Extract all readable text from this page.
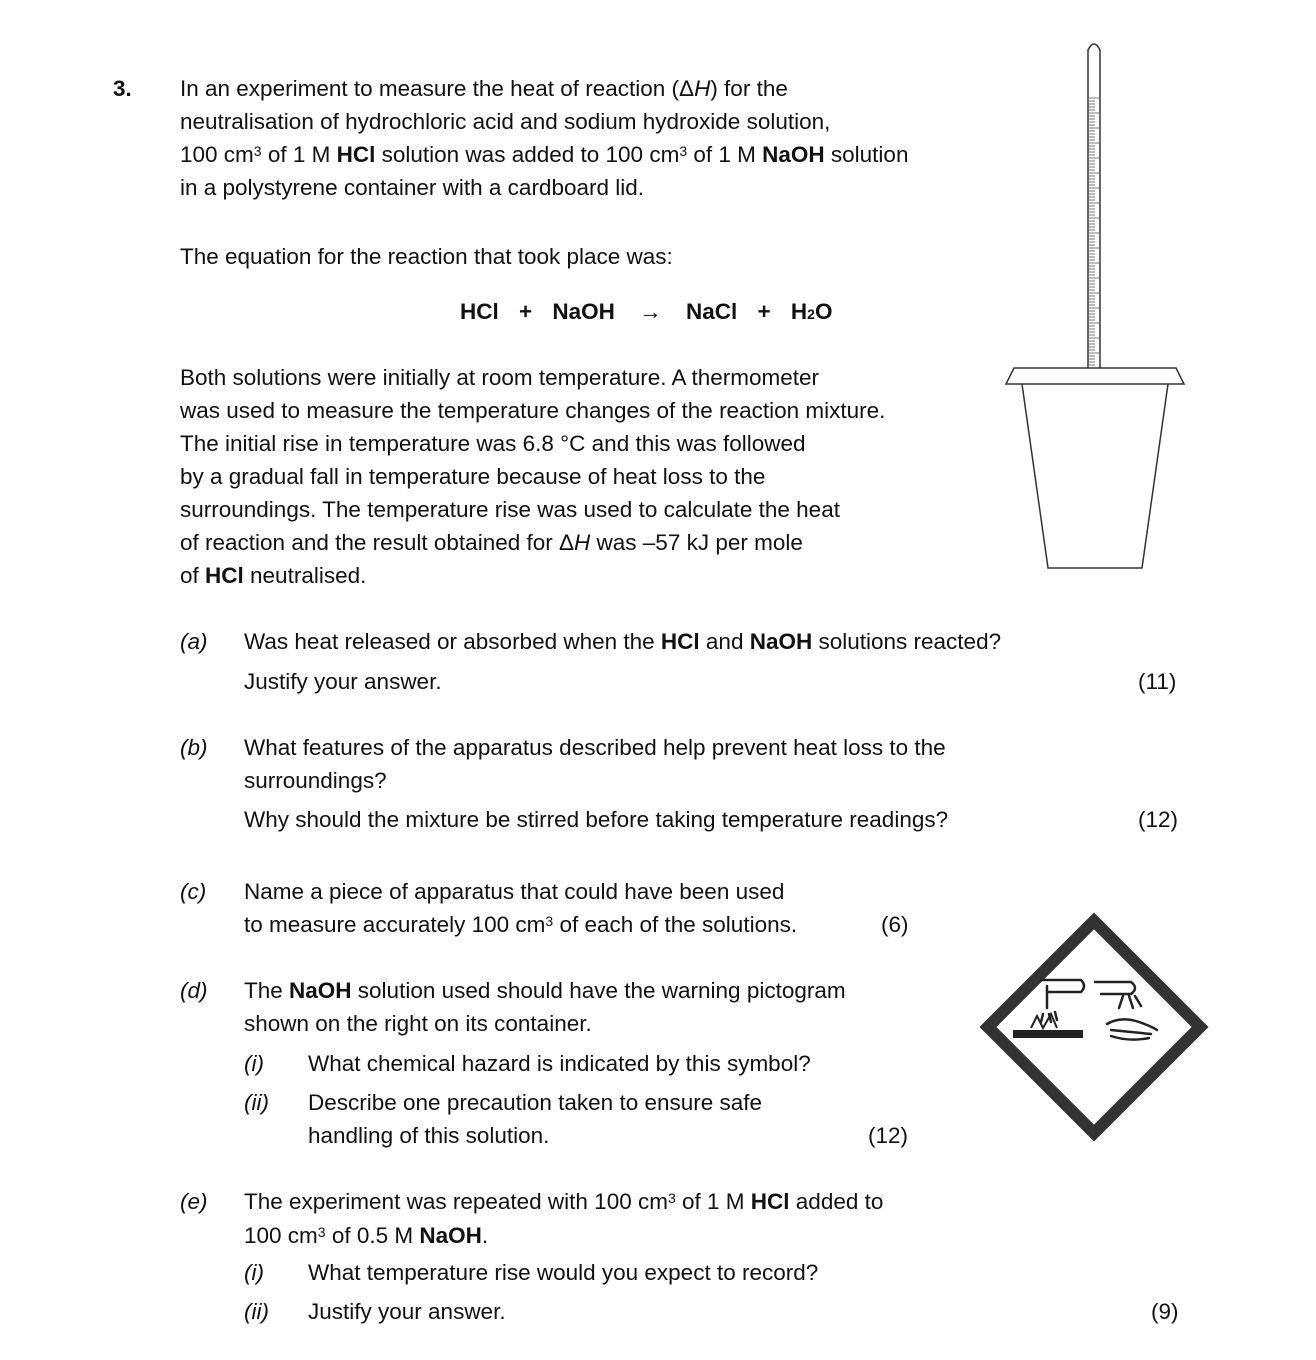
3. In an experiment to measure the heat of reaction (ΔH) for the
neutralisation of hydrochloric acid and sodium hydroxide solution,
100 $cm^3$ of 1 M HCl solution was added to 100 $cm^3$ of 1 M NaOH solution
in a polystyrene container with a cardboard lid.
The equation for the reaction that took place was:
HCl + NaOH → NaCl + H2O
Both solutions were initially at room temperature. A thermometer
was used to measure the temperature changes of the reaction mixture.
The initial rise in temperature was 6.8 °C and this was followed
by a gradual fall in temperature because of heat loss to the
surroundings. The temperature rise was used to calculate the heat
of reaction and the result obtained for ΔH was –57 kJ per mole
of HCl neutralised.
(a) Was heat released or absorbed when the HCl and NaOH solutions reacted?
Justify your answer.	(11)
(b) What features of the apparatus described help prevent heat loss to the
surroundings?
Why should the mixture be stirred before taking temperature readings?	(12)
(c) Name a piece of apparatus that could have been used
to measure accurately 100 $cm^3$ of each of the solutions.	(6)
(d) The NaOH solution used should have the warning pictogram
shown on the right on its container.
(i) What chemical hazard is indicated by this symbol?
(ii) Describe one precaution taken to ensure safe
handling of this solution.	(12)
(e) The experiment was repeated with 100 $cm^3$ of 1 M HCl added to
100 $cm^3$ of 0.5 M NaOH.
(i) What temperature rise would you expect to record?
(ii) Justify your answer.	(9)
